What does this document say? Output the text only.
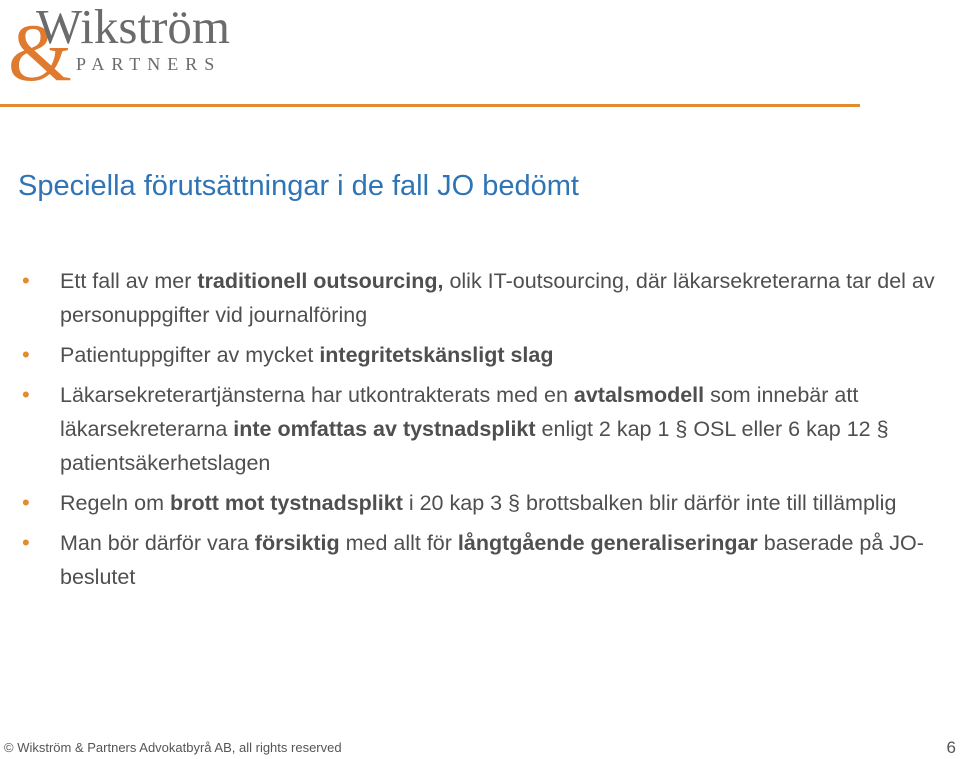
&
Wikström
PARTNERS
Speciella förutsättningar i de fall JO bedömt
• Ett fall av mer traditionell outsourcing, olik IT-outsourcing, där läkarsekreterarna tar del av personuppgifter vid journalföring
• Patientuppgifter av mycket integritetskänsligt slag
• Läkarsekreterartjänsterna har utkontrakterats med en avtalsmodell som innebär att läkarsekreterarna inte omfattas av tystnadsplikt enligt 2 kap 1 § OSL eller 6 kap 12 § patientsäkerhetslagen
• Regeln om brott mot tystnadsplikt i 20 kap 3 § brottsbalken blir därför inte till tillämplig
• Man bör därför vara försiktig med allt för långtgående generaliseringar baserade på JO-beslutet
© Wikström & Partners Advokatbyrå AB, all rights reserved	6
